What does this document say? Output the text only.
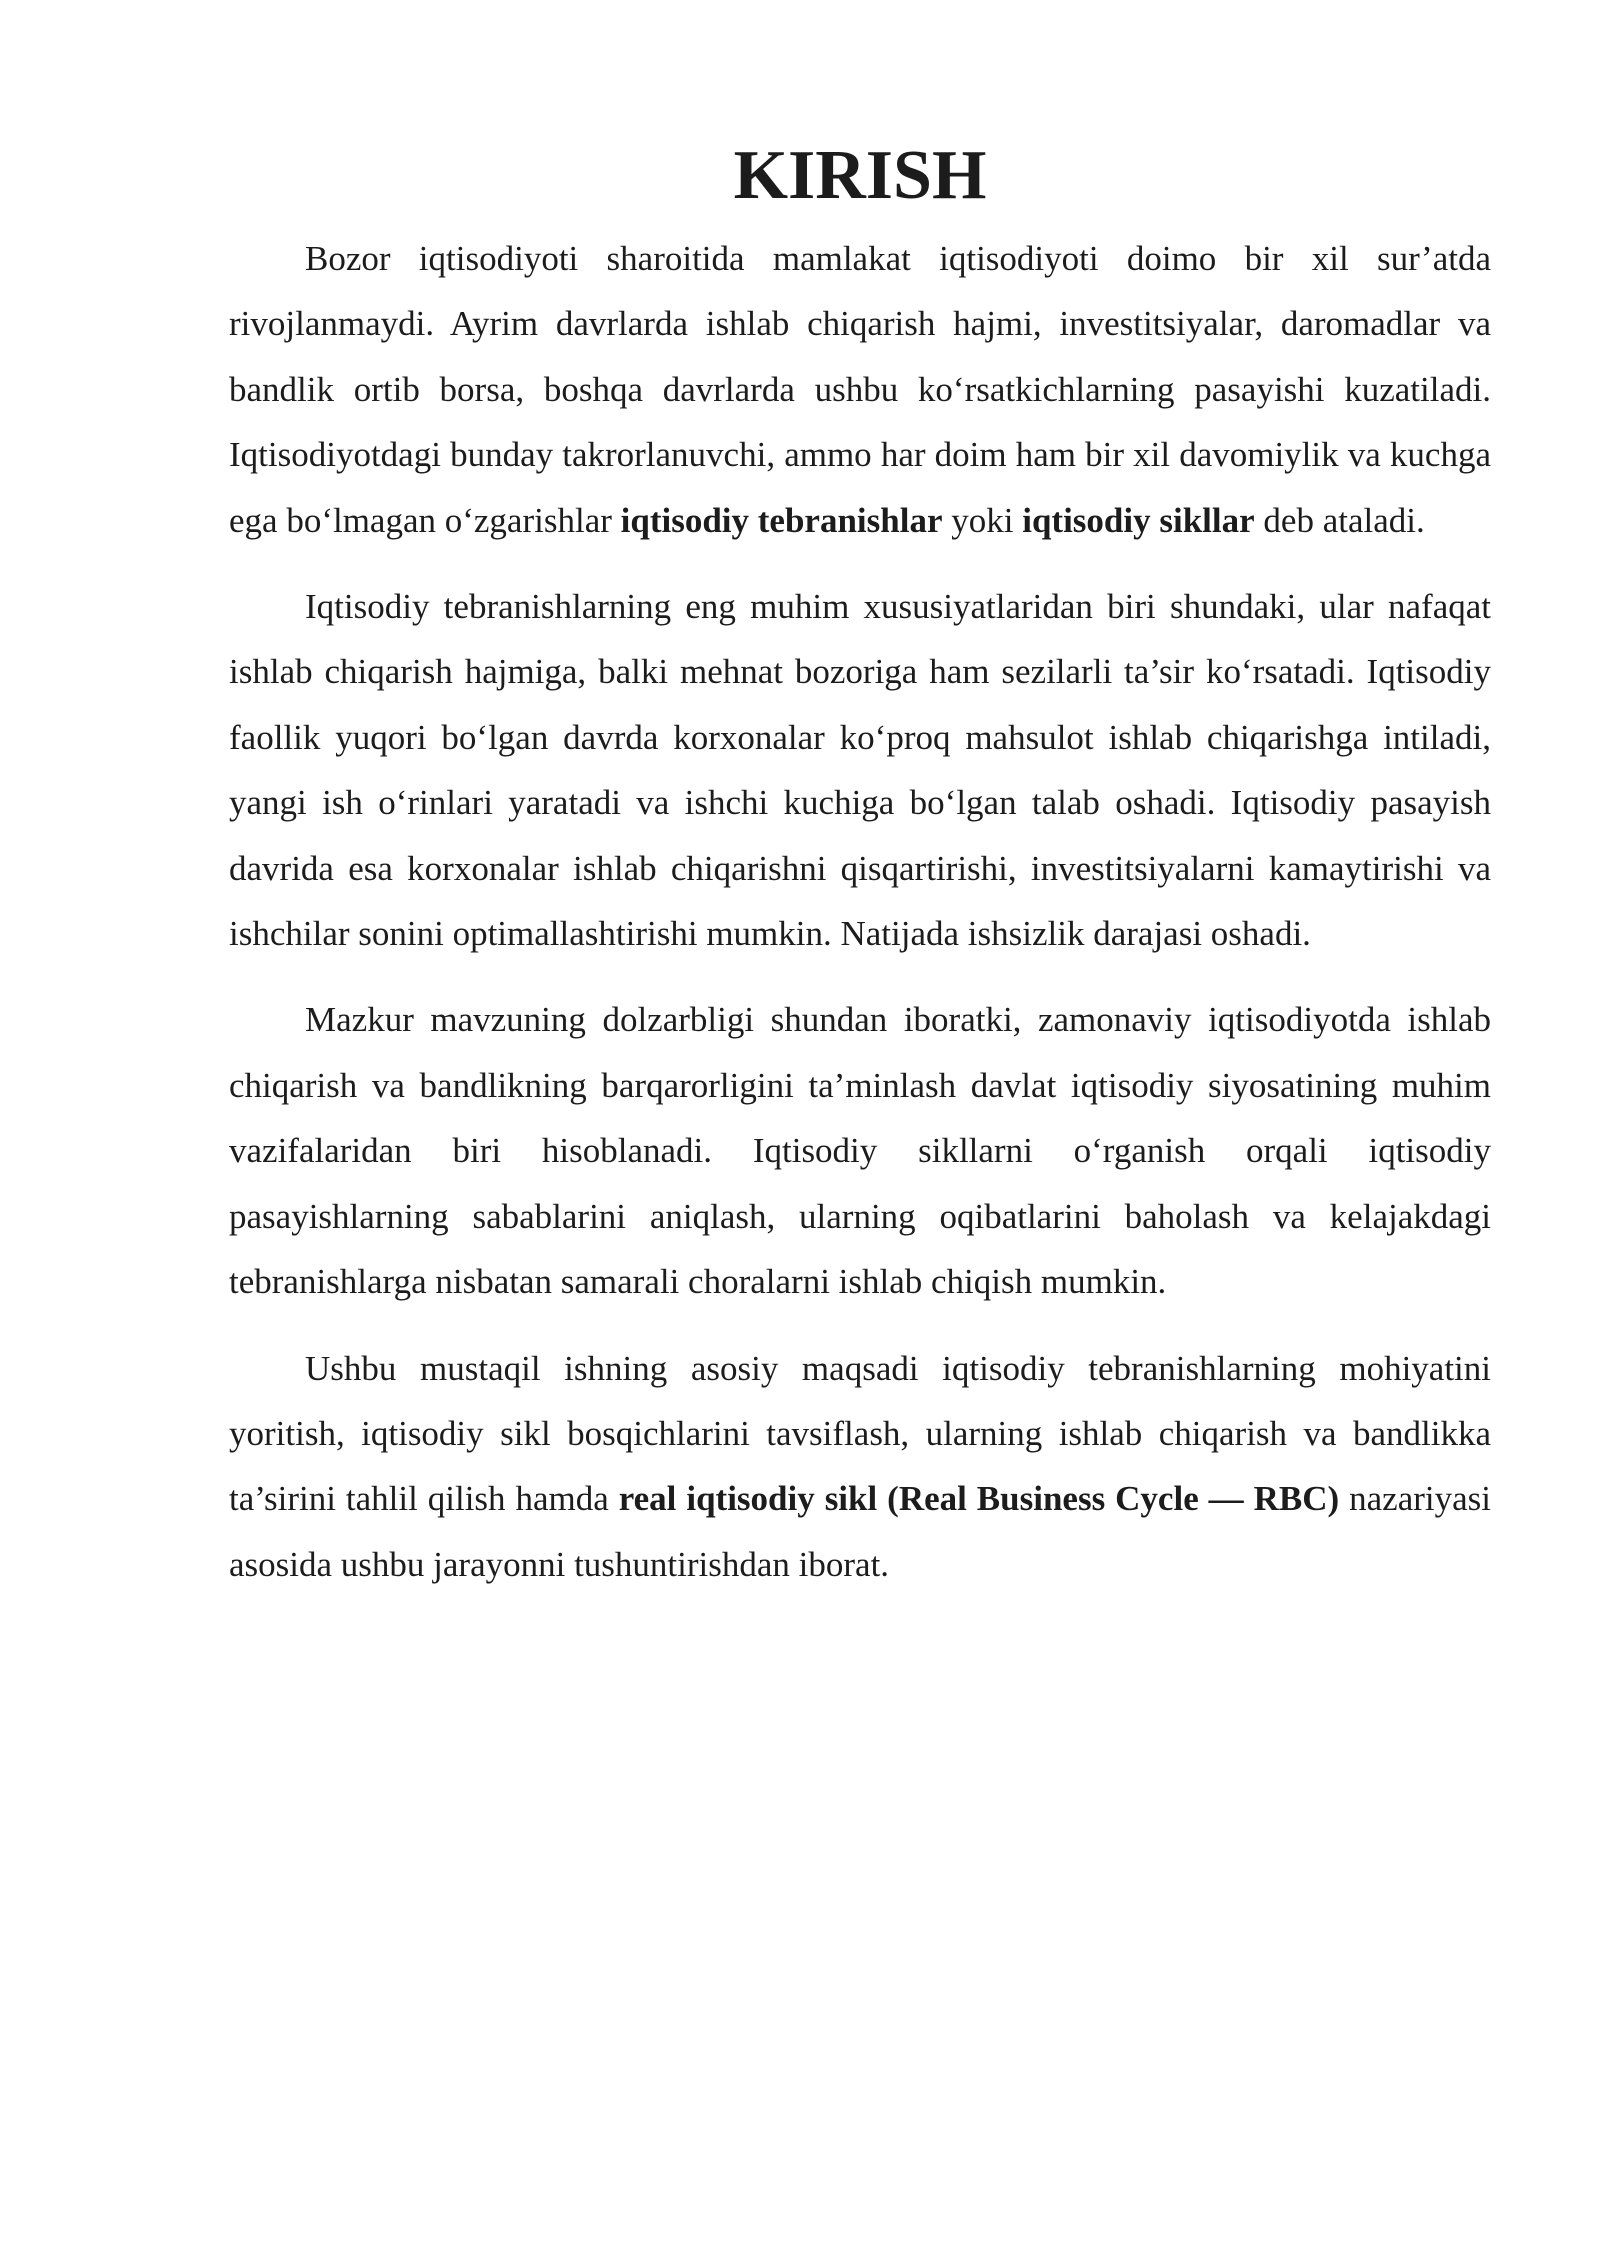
KIRISH

Bozor iqtisodiyoti sharoitida mamlakat iqtisodiyoti doimo bir xil sur’atda rivojlanmaydi. Ayrim davrlarda ishlab chiqarish hajmi, investitsiyalar, daromadlar va bandlik ortib borsa, boshqa davrlarda ushbu ko‘rsatkichlarning pasayishi kuzatiladi. Iqtisodiyotdagi bunday takrorlanuvchi, ammo har doim ham bir xil davomiylik va kuchga ega bo‘lmagan o‘zgarishlar iqtisodiy tebranishlar yoki iqtisodiy sikllar deb ataladi.

Iqtisodiy tebranishlarning eng muhim xususiyatlaridan biri shundaki, ular nafaqat ishlab chiqarish hajmiga, balki mehnat bozoriga ham sezilarli ta’sir ko‘rsatadi. Iqtisodiy faollik yuqori bo‘lgan davrda korxonalar ko‘proq mahsulot ishlab chiqarishga intiladi, yangi ish o‘rinlari yaratadi va ishchi kuchiga bo‘lgan talab oshadi. Iqtisodiy pasayish davrida esa korxonalar ishlab chiqarishni qisqartirishi, investitsiyalarni kamaytirishi va ishchilar sonini optimallashtirishi mumkin. Natijada ishsizlik darajasi oshadi.

Mazkur mavzuning dolzarbligi shundan iboratki, zamonaviy iqtisodiyotda ishlab chiqarish va bandlikning barqarorligini ta’minlash davlat iqtisodiy siyosatining muhim vazifalaridan biri hisoblanadi. Iqtisodiy sikllarni o‘rganish orqali iqtisodiy pasayishlarning sabablarini aniqlash, ularning oqibatlarini baholash va kelajakdagi tebranishlarga nisbatan samarali choralarni ishlab chiqish mumkin.

Ushbu mustaqil ishning asosiy maqsadi iqtisodiy tebranishlarning mohiyatini yoritish, iqtisodiy sikl bosqichlarini tavsiflash, ularning ishlab chiqarish va bandlikka ta’sirini tahlil qilish hamda real iqtisodiy sikl (Real Business Cycle — RBC) nazariyasi asosida ushbu jarayonni tushuntirishdan iborat.
